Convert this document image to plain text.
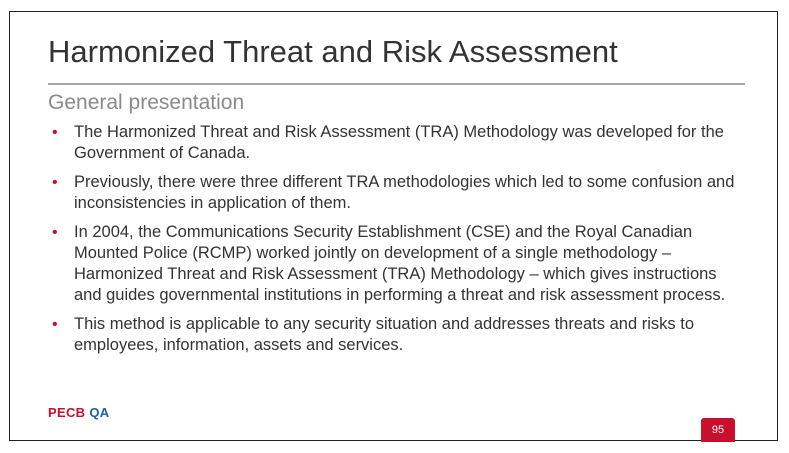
Harmonized Threat and Risk Assessment
General presentation
• The Harmonized Threat and Risk Assessment (TRA) Methodology was developed for the Government of Canada.
• Previously, there were three different TRA methodologies which led to some confusion and inconsistencies in application of them.
• In 2004, the Communications Security Establishment (CSE) and the Royal Canadian Mounted Police (RCMP) worked jointly on development of a single methodology – Harmonized Threat and Risk Assessment (TRA) Methodology – which gives instructions and guides governmental institutions in performing a threat and risk assessment process.
• This method is applicable to any security situation and addresses threats and risks to employees, information, assets and services.
PECB QA
95
